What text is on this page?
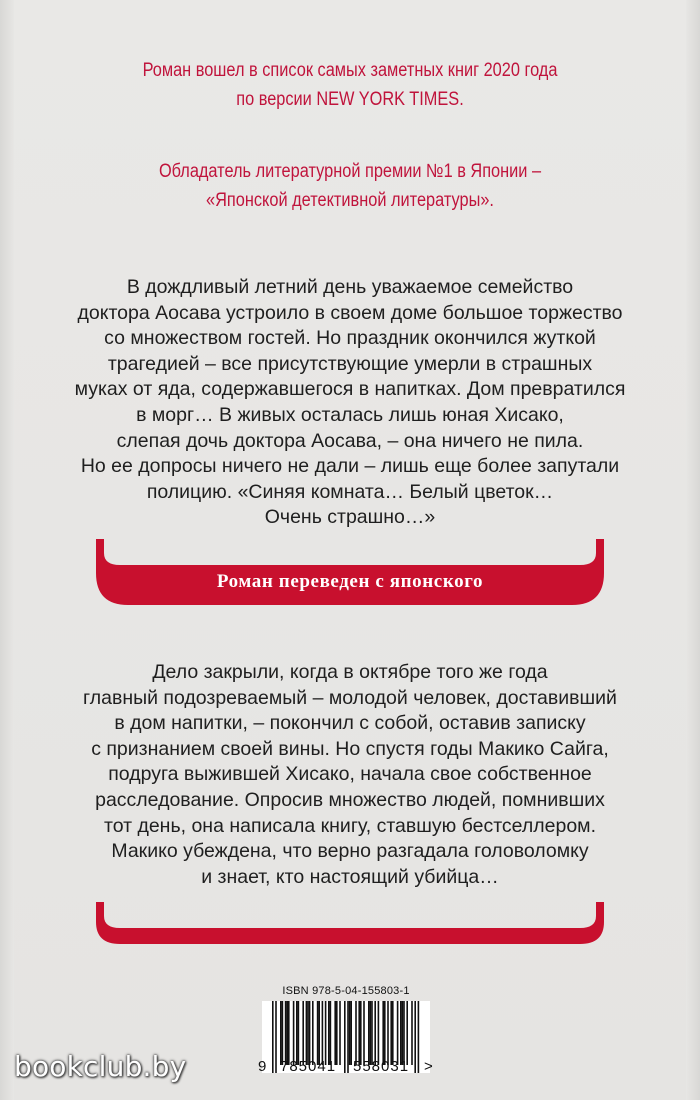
Роман вошел в список самых заметных книг 2020 года

по версии NEW YORK TIMES.

Обладатель литературной премии №1 в Японии –

«Японской детективной литературы».

В дождливый летний день уважаемое семейство

доктора Аосава устроило в своем доме большое торжество

со множеством гостей. Но праздник окончился жуткой

трагедией – все присутствующие умерли в страшных

муках от яда, содержавшегося в напитках. Дом превратился

в морг… В живых осталась лишь юная Хисако,

слепая дочь доктора Аосава, – она ничего не пила.

Но ее допросы ничего не дали – лишь еще более запутали

полицию. «Синяя комната… Белый цветок…

Очень страшно…»

Роман переведен с японского

Дело закрыли, когда в октябре того же года

главный подозреваемый – молодой человек, доставивший

в дом напитки, – покончил с собой, оставив записку

с признанием своей вины. Но спустя годы Макико Сайга,

подруга выжившей Хисако, начала свое собственное

расследование. Опросив множество людей, помнивших

тот день, она написала книгу, ставшую бестселлером.

Макико убеждена, что верно разгадала головоломку

и знает, кто настоящий убийца…

ISBN 978-5-04-155803-1
9 785041 558031 >
bookclub.by
